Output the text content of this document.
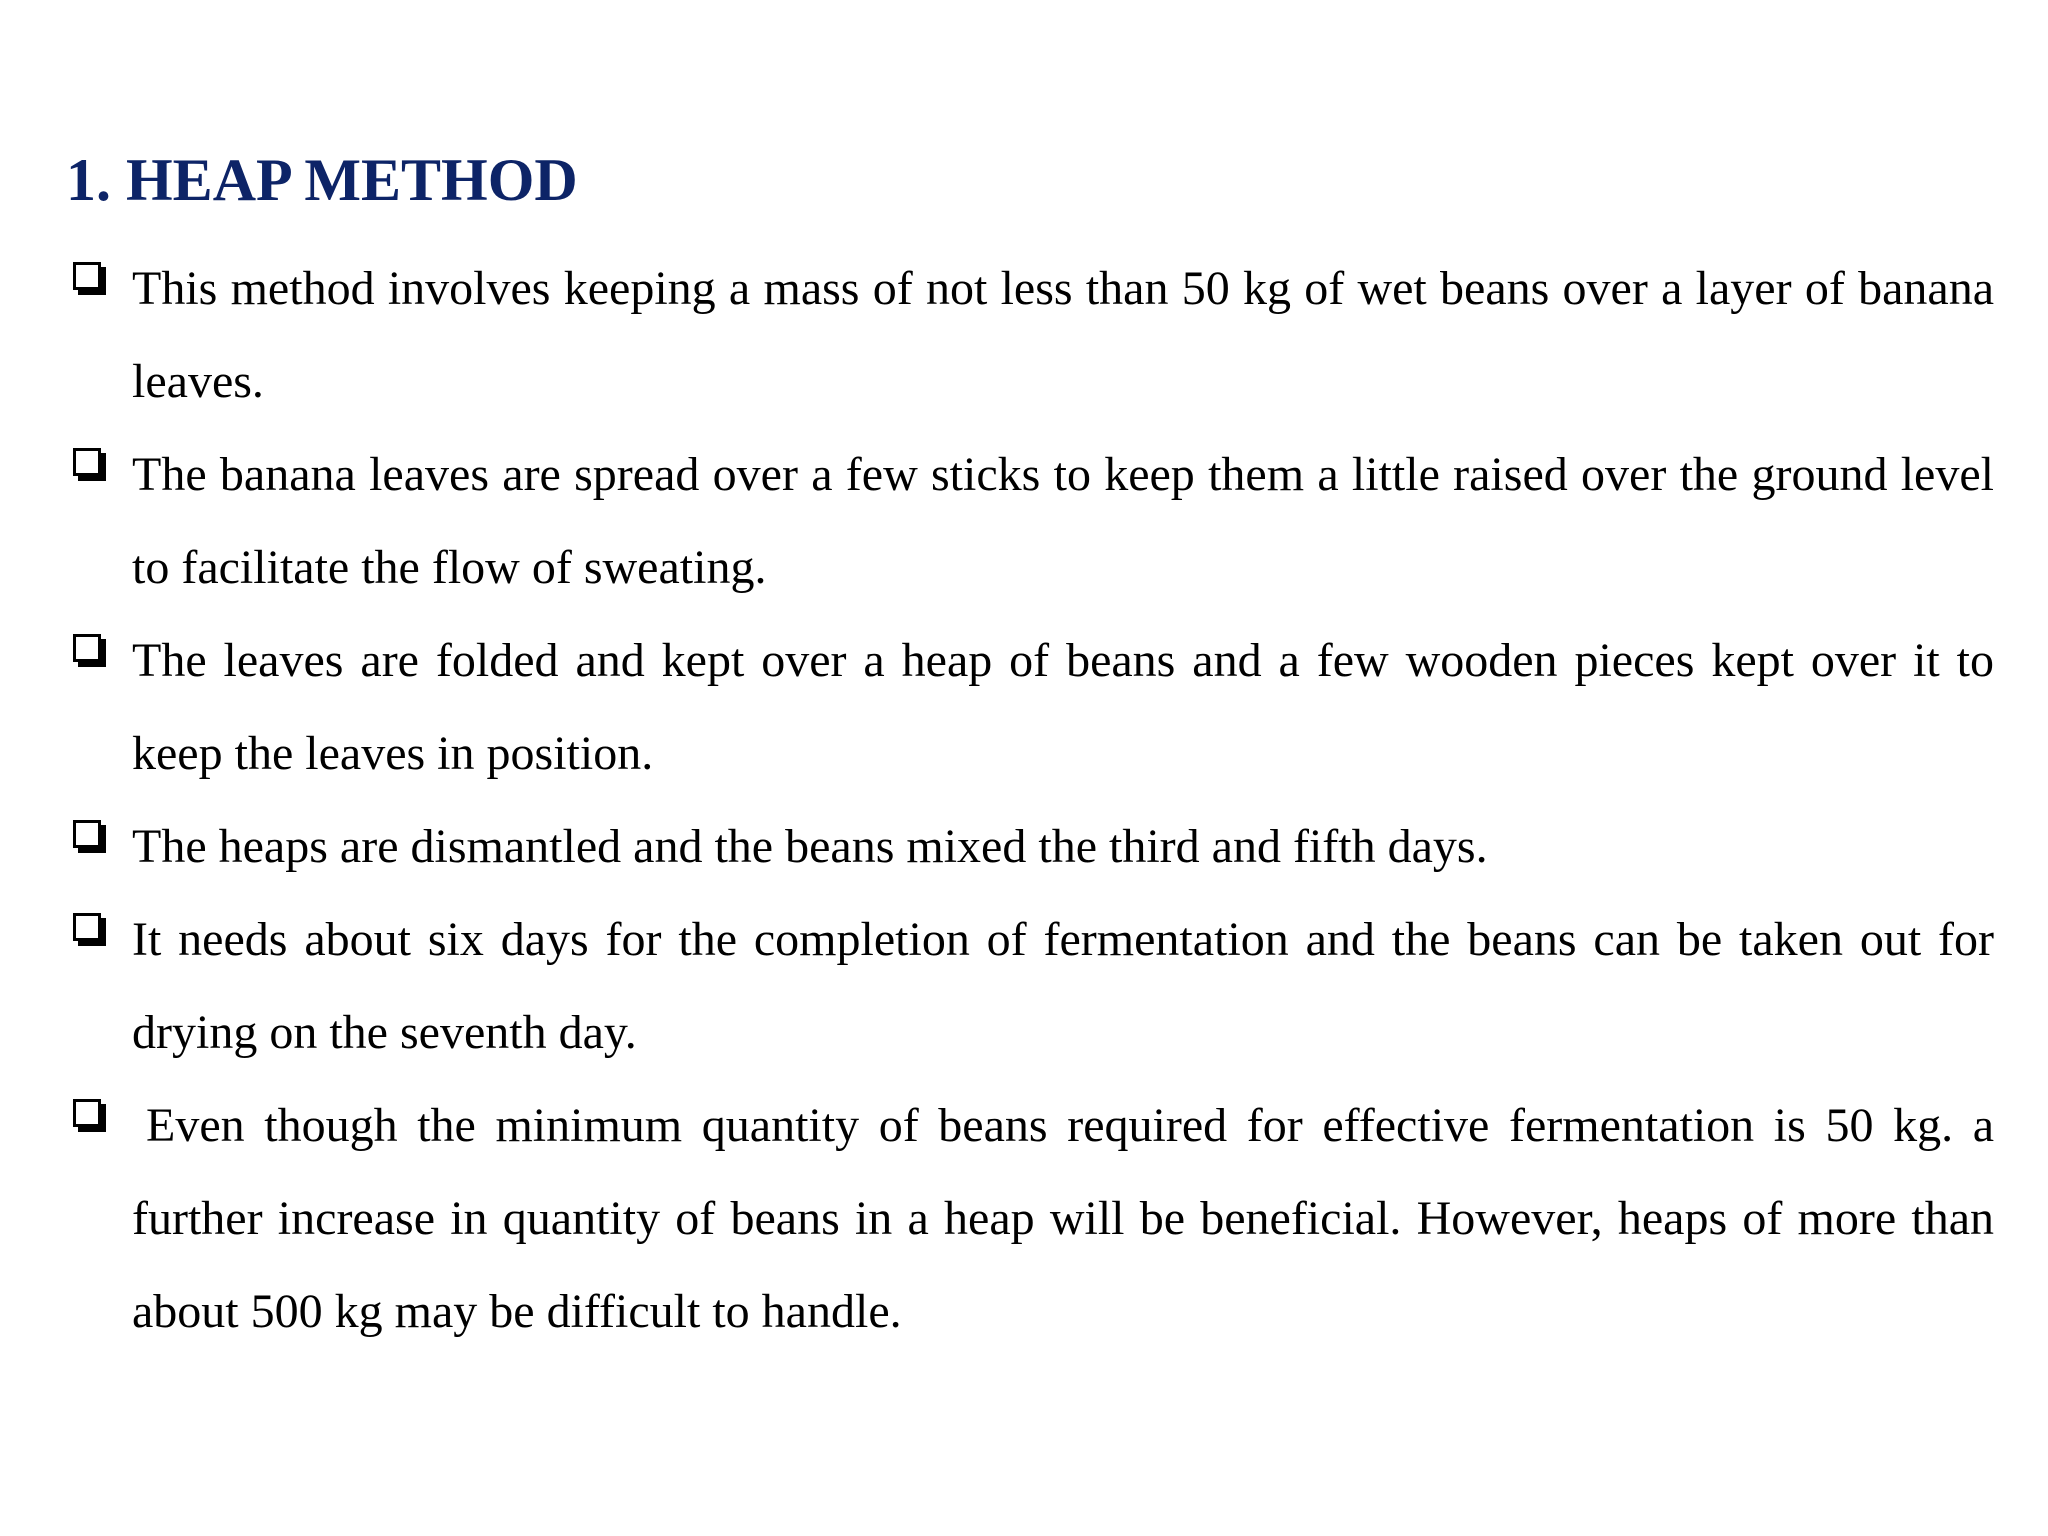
1. HEAP METHOD
This method involves keeping a mass of not less than 50 kg of wet beans over a layer of banana leaves.
The banana leaves are spread over a few sticks to keep them a little raised over the ground level to facilitate the flow of sweating.
The leaves are folded and kept over a heap of beans and a few wooden pieces kept over it to keep the leaves in position.
The heaps are dismantled and the beans mixed the third and fifth days.
It needs about six days for the completion of fermentation and the beans can be taken out for drying on the seventh day.
Even though the minimum quantity of beans required for effective fermentation is 50 kg. a further increase in quantity of beans in a heap will be beneficial. However, heaps of more than about 500 kg may be difficult to handle.
